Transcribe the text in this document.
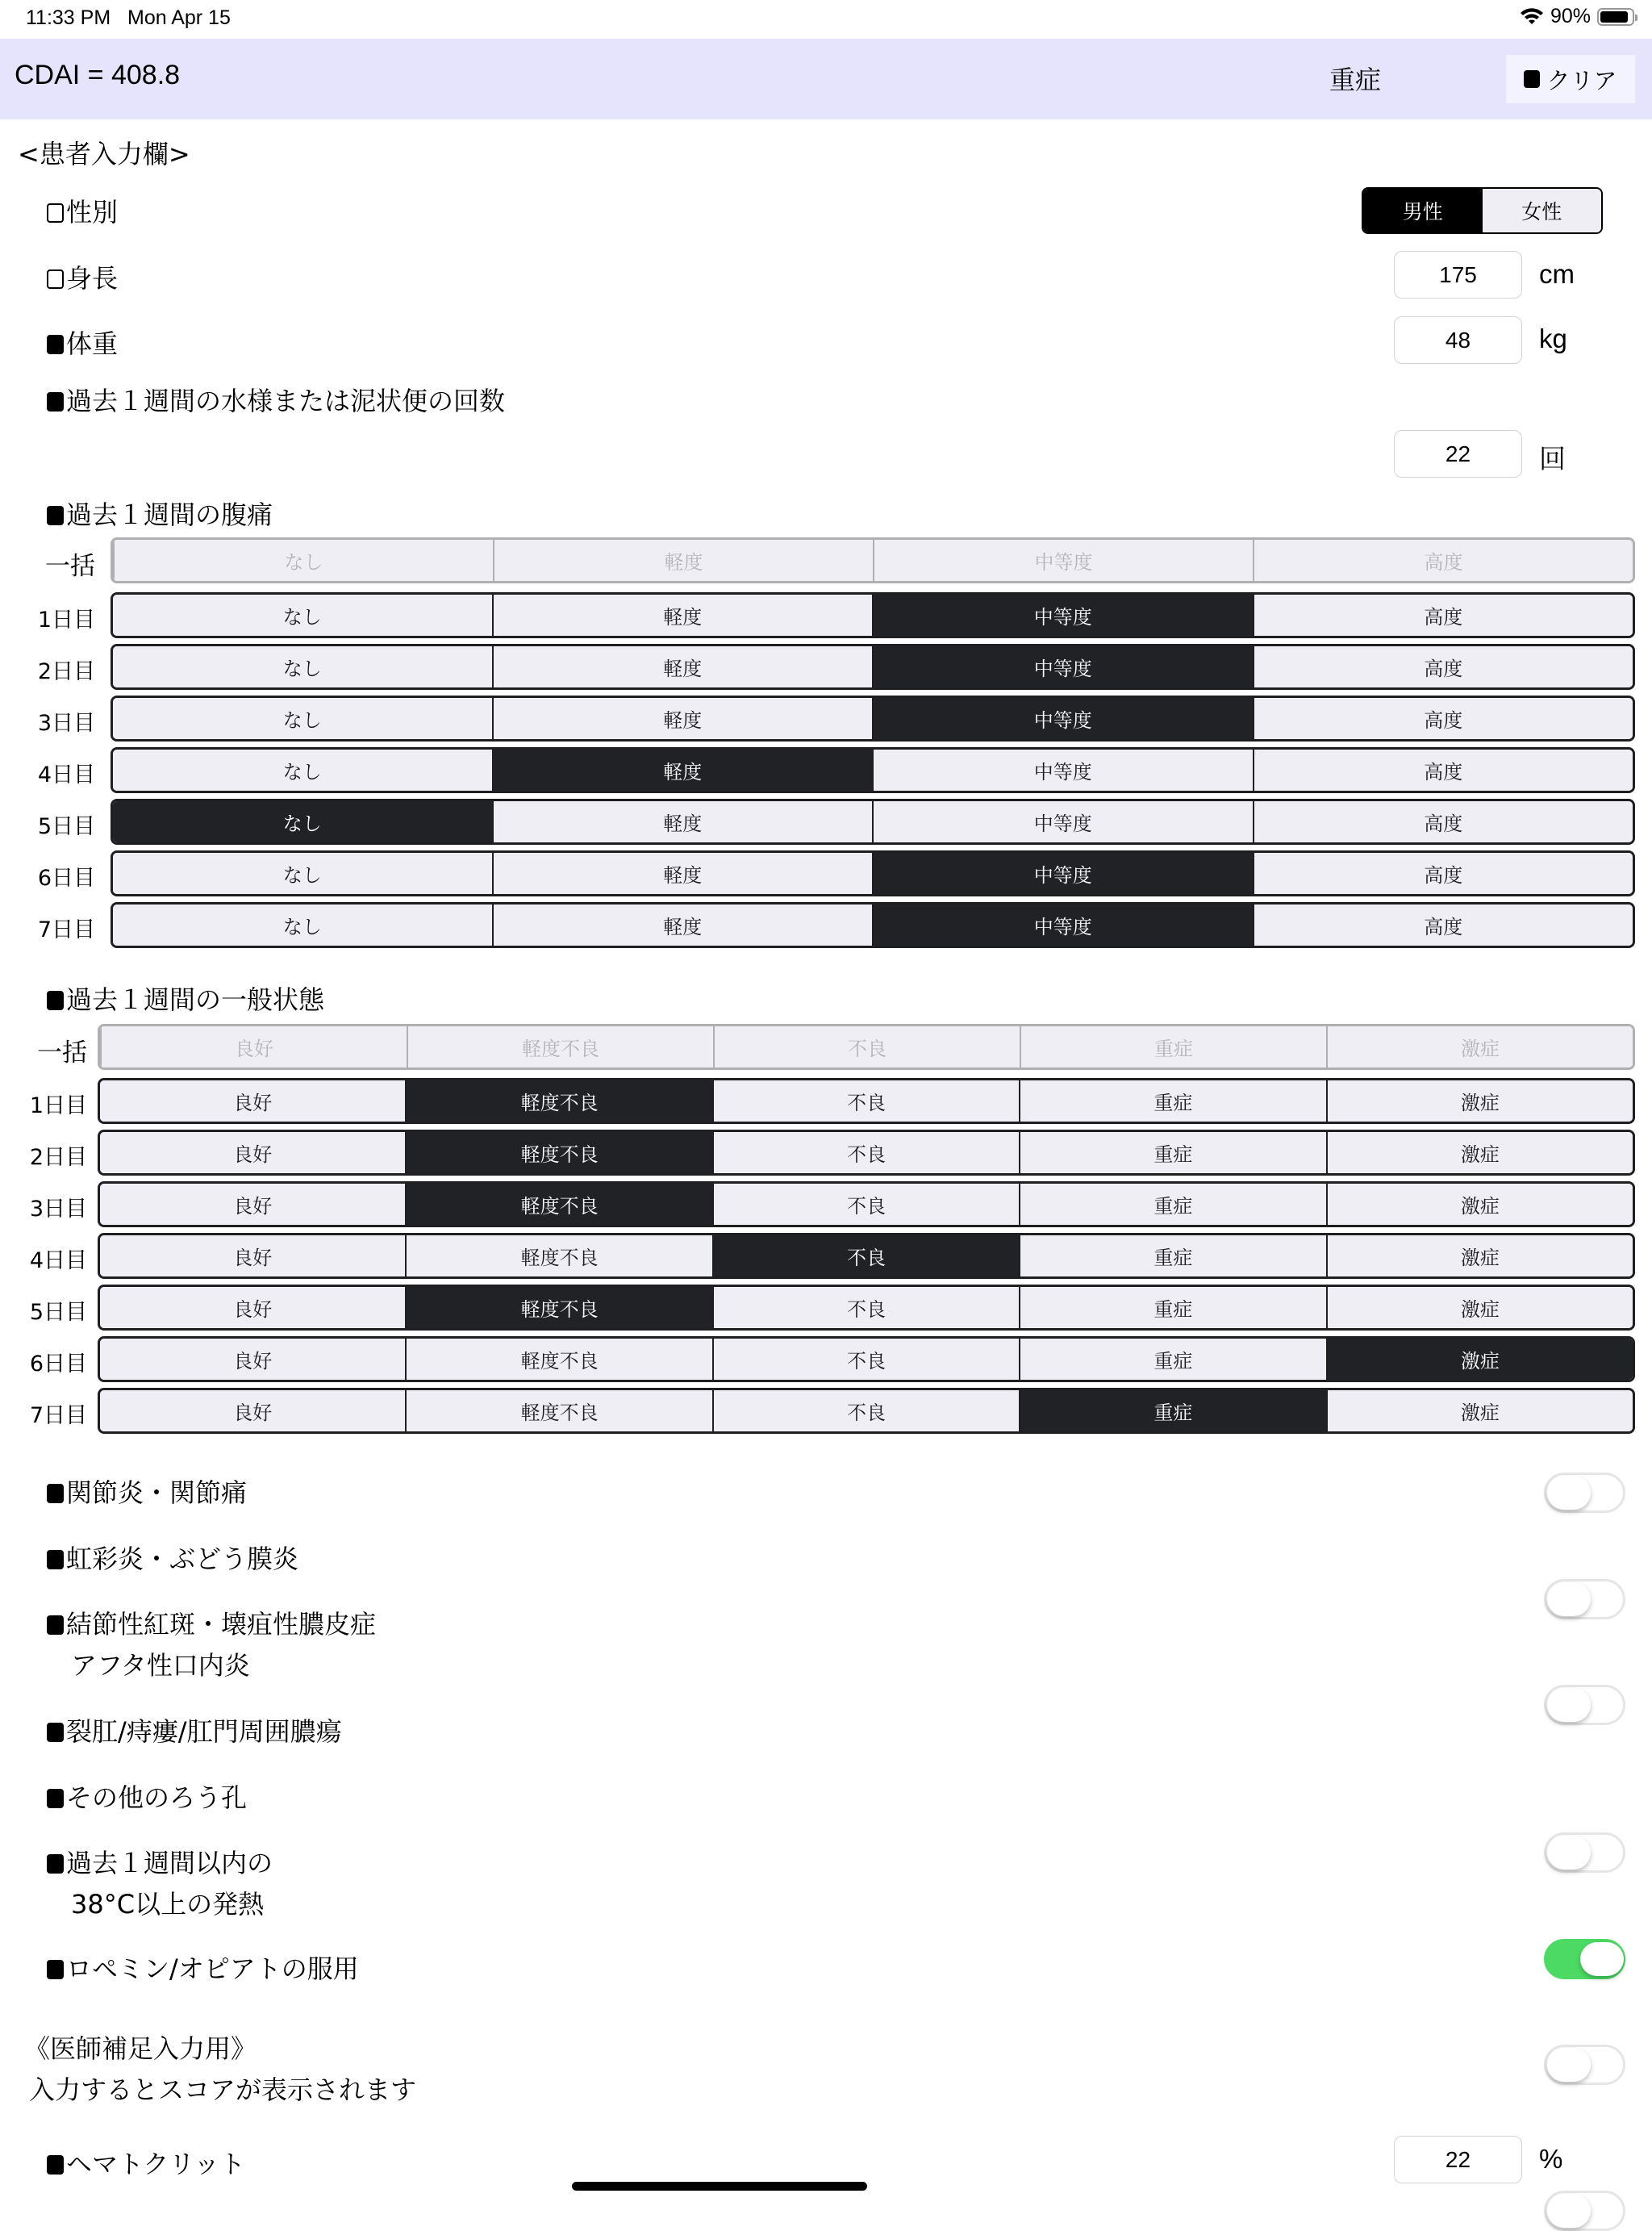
11:33 PM Mon Apr 15	90%
CDAI = 408.8	重症	クリア
<患者入力欄>
性別	男性	女性
身長
175	cm
体重
48	kg
過去１週間の水様または泥状便の回数
22
回
過去１週間の腹痛
一括	なし	軽度	中等度	高度
1日目	なし	軽度	中等度	高度
2日目	なし	軽度	中等度	高度
3日目	なし	軽度	中等度	高度
4日目	なし	軽度	中等度	高度
5日目	なし	軽度	中等度	高度
6日目	なし	軽度	中等度	高度
7日目	なし	軽度	中等度	高度
過去１週間の一般状態
一括	良好	軽度不良	不良	重症	激症
1日目	良好	軽度不良	不良	重症	激症
2日目	良好	軽度不良	不良	重症	激症
3日目	良好	軽度不良	不良	重症	激症
4日目	良好	軽度不良	不良	重症	激症
5日目	良好	軽度不良	不良	重症	激症
6日目	良好	軽度不良	不良	重症	激症
7日目	良好	軽度不良	不良	重症	激症
関節炎・関節痛
虹彩炎・ぶどう膜炎
結節性紅斑・壊疽性膿皮症
アフタ性口内炎
裂肛/痔瘻/肛門周囲膿瘍
その他のろう孔
過去１週間以内の
38°C以上の発熱
ロペミン/オピアトの服用
《医師補足入力用》
入力するとスコアが表示されます
ヘマトクリット
22	%
